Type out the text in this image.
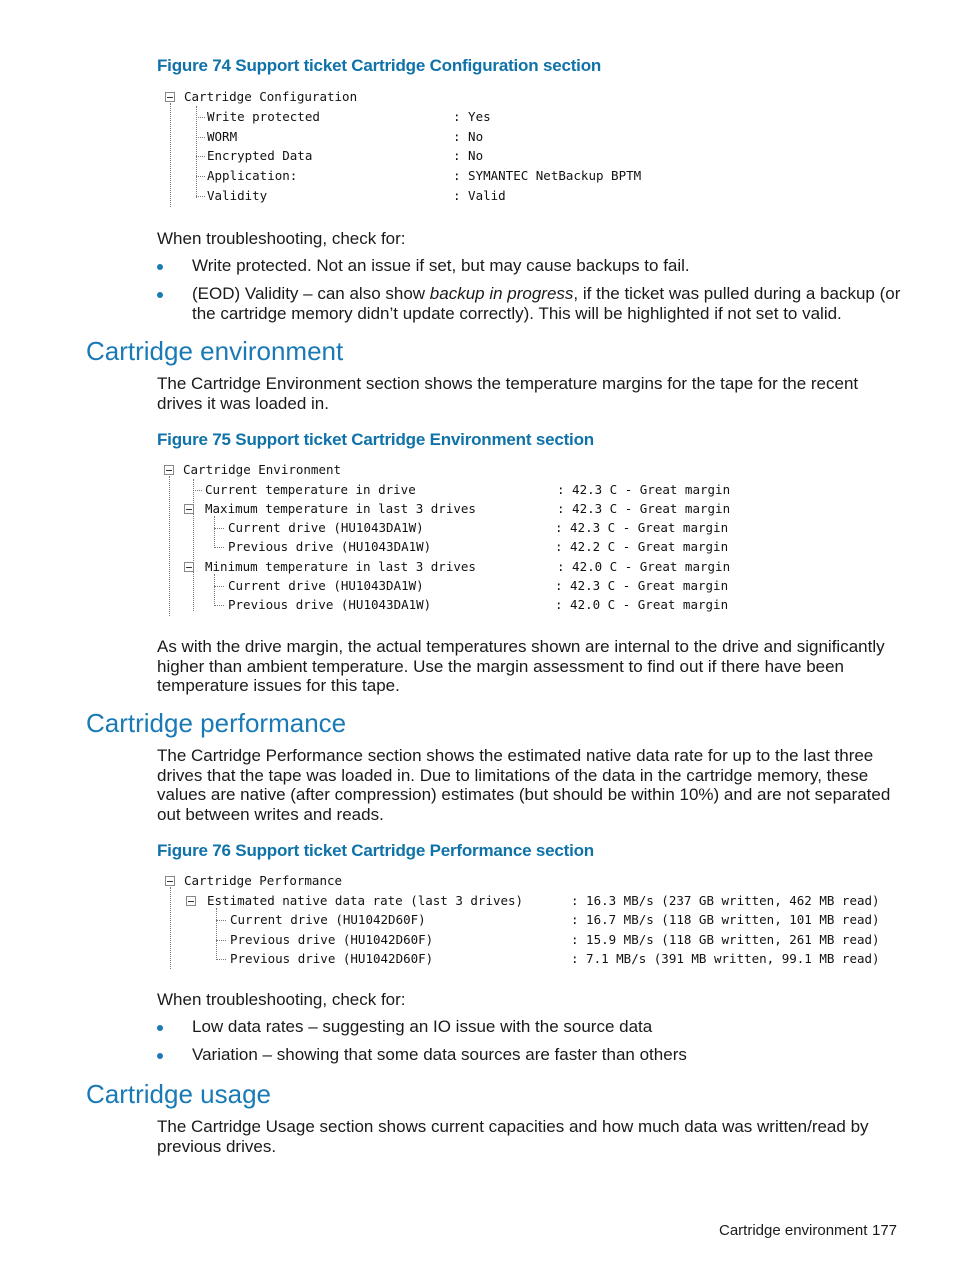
Figure 74 Support ticket Cartridge Configuration section
Cartridge Configuration
Write protected	: Yes
WORM	: No
Encrypted Data	: No
Application:	: SYMANTEC NetBackup BPTM
Validity	: Valid

When troubleshooting, check for:

Write protected. Not an issue if set, but may cause backups to fail.
(EOD) Validity – can also show backup in progress, if the ticket was pulled during a backup (or the cartridge memory didn’t update correctly). This will be highlighted if not set to valid.
Cartridge environment

The Cartridge Environment section shows the temperature margins for the tape for the recent drives it was loaded in.

Figure 75 Support ticket Cartridge Environment section
Cartridge Environment
Current temperature in drive	: 42.3 C - Great margin
Maximum temperature in last 3 drives	: 42.3 C - Great margin
Current drive (HU1043DA1W)	: 42.3 C - Great margin
Previous drive (HU1043DA1W)	: 42.2 C - Great margin
Minimum temperature in last 3 drives	: 42.0 C - Great margin
Current drive (HU1043DA1W)	: 42.3 C - Great margin
Previous drive (HU1043DA1W)	: 42.0 C - Great margin

As with the drive margin, the actual temperatures shown are internal to the drive and significantly higher than ambient temperature. Use the margin assessment to find out if there have been temperature issues for this tape.

Cartridge performance

The Cartridge Performance section shows the estimated native data rate for up to the last three drives that the tape was loaded in. Due to limitations of the data in the cartridge memory, these values are native (after compression) estimates (but should be within 10%) and are not separated out between writes and reads.

Figure 76 Support ticket Cartridge Performance section
Cartridge Performance
Estimated native data rate (last 3 drives)	: 16.3 MB/s (237 GB written, 462 MB read)
Current drive (HU1042D60F)	: 16.7 MB/s (118 GB written, 101 MB read)
Previous drive (HU1042D60F)	: 15.9 MB/s (118 GB written, 261 MB read)
Previous drive (HU1042D60F)	: 7.1 MB/s (391 MB written, 99.1 MB read)

When troubleshooting, check for:

Low data rates – suggesting an IO issue with the source data
Variation – showing that some data sources are faster than others
Cartridge usage

The Cartridge Usage section shows current capacities and how much data was written/read by previous drives.

Cartridge environment 177
